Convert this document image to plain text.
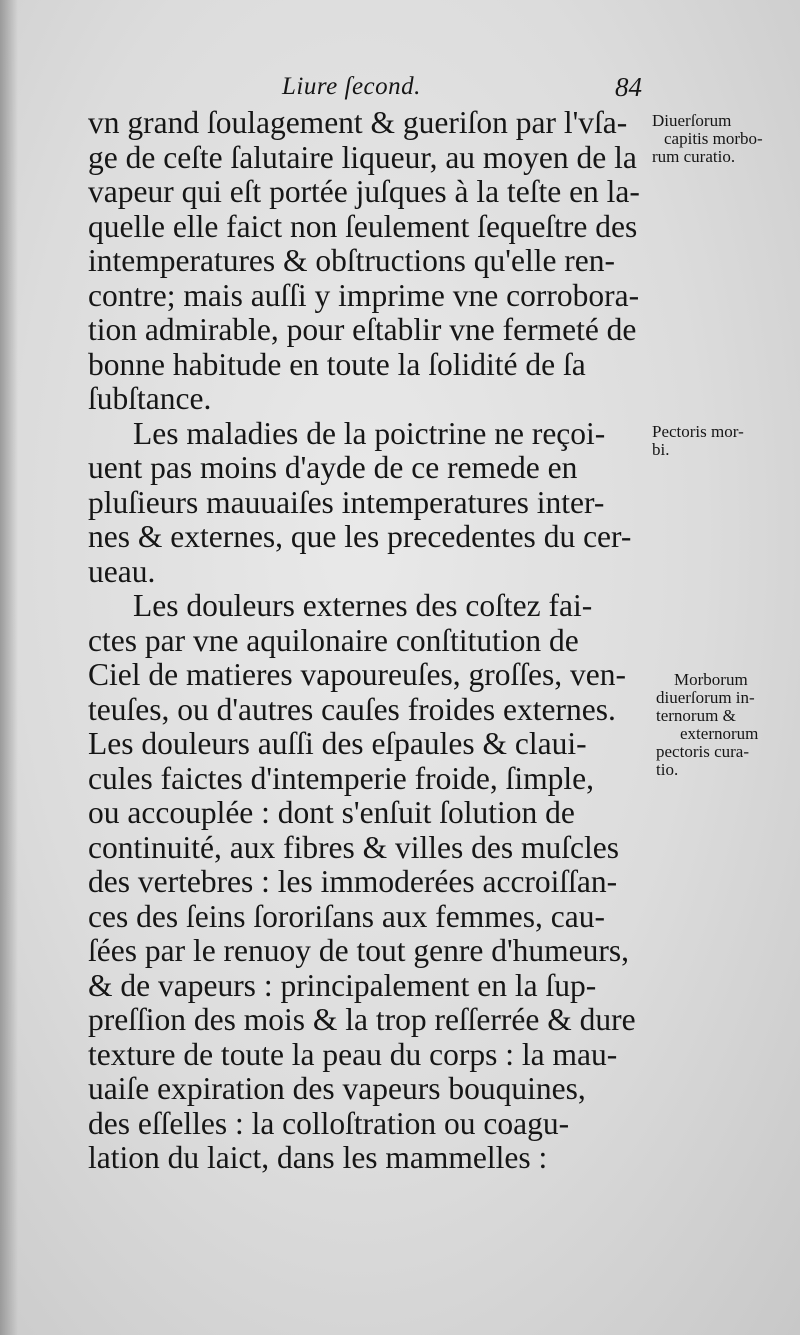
Liure ſecond.	84
vn grand ſoulagement & gueriſon par l'vſa-
ge de ceſte ſalutaire liqueur, au moyen de la
vapeur qui eſt portée juſques à la teſte en la-
quelle elle faict non ſeulement ſequeſtre des
intemperatures & obſtructions qu'elle ren-
contre; mais auſſi y imprime vne corrobora-
tion admirable, pour eſtablir vne fermeté de
bonne habitude en toute la ſolidité de ſa
ſubſtance.
Les maladies de la poictrine ne reçoi-
uent pas moins d'ayde de ce remede en
pluſieurs mauuaiſes intemperatures inter-
nes & externes, que les precedentes du cer-
ueau.
Les douleurs externes des coſtez fai-
ctes par vne aquilonaire conſtitution de
Ciel de matieres vapoureuſes, groſſes, ven-
teuſes, ou d'autres cauſes froides externes.
Les douleurs auſſi des eſpaules & claui-
cules faictes d'intemperie froide, ſimple,
ou accouplée : dont s'enſuit ſolution de
continuité, aux fibres & villes des muſcles
des vertebres : les immoderées accroiſſan-
ces des ſeins ſororiſans aux femmes, cau-
ſées par le renuoy de tout genre d'humeurs,
& de vapeurs : principalement en la ſup-
preſſion des mois & la trop reſſerrée & dure
texture de toute la peau du corps : la mau-
uaiſe expiration des vapeurs bouquines,
des eſſelles : la colloſtration ou coagu-
lation du laict, dans les mammelles :
Diuerſorum
capitis morbo-
rum curatio.
Pectoris mor-
bi.
Morborum
diuerſorum in-
ternorum &
externorum
pectoris cura-
tio.
